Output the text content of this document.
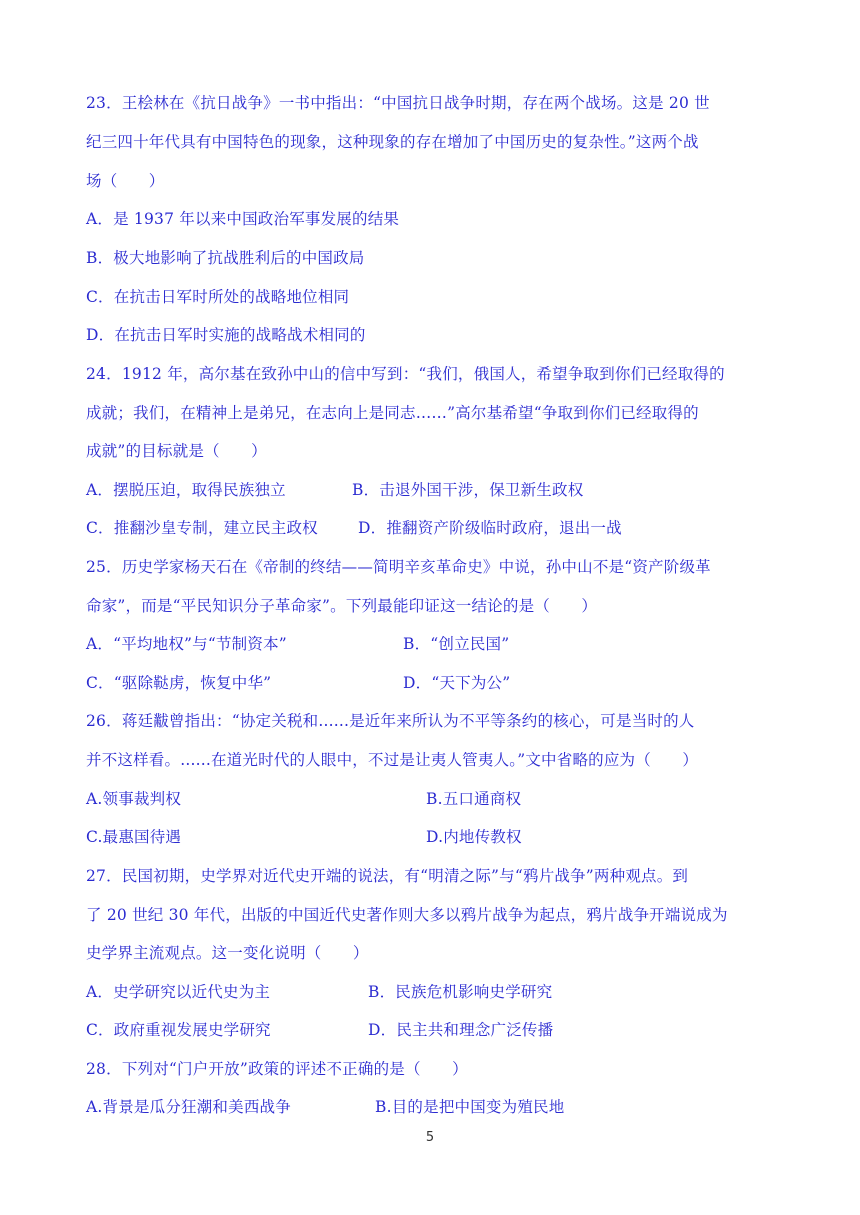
23．王桧林在《抗日战争》一书中指出：“中国抗日战争时期，存在两个战场。这是 20 世
纪三四十年代具有中国特色的现象，这种现象的存在增加了中国历史的复杂性。”这两个战
场（　　）
A．是 1937 年以来中国政治军事发展的结果
B．极大地影响了抗战胜利后的中国政局
C．在抗击日军时所处的战略地位相同
D．在抗击日军时实施的战略战术相同的
24．1912 年，高尔基在致孙中山的信中写到：“我们，俄国人，希望争取到你们已经取得的
成就；我们，在精神上是弟兄，在志向上是同志……”高尔基希望“争取到你们已经取得的
成就”的目标就是（　　）
A．摆脱压迫，取得民族独立	B．击退外国干涉，保卫新生政权
C．推翻沙皇专制，建立民主政权	D．推翻资产阶级临时政府，退出一战
25．历史学家杨天石在《帝制的终结——简明辛亥革命史》中说，孙中山不是“资产阶级革
命家”，而是“平民知识分子革命家”。下列最能印证这一结论的是（　　）
A．“平均地权”与“节制资本”	B．“创立民国”
C．“驱除鞑虏，恢复中华”	D．“天下为公”
26．蒋廷黻曾指出：“协定关税和......是近年来所认为不平等条约的核心，可是当时的人
并不这样看。......在道光时代的人眼中，不过是让夷人管夷人。”文中省略的应为（　　）
A.领事裁判权	B.五口通商权
C.最惠国待遇	D.内地传教权
27．民国初期，史学界对近代史开端的说法，有“明清之际”与“鸦片战争”两种观点。到
了 20 世纪 30 年代，出版的中国近代史著作则大多以鸦片战争为起点，鸦片战争开端说成为
史学界主流观点。这一变化说明（　　）
A．史学研究以近代史为主	B．民族危机影响史学研究
C．政府重视发展史学研究	D．民主共和理念广泛传播
28．下列对“门户开放”政策的评述不正确的是（　　）
A.背景是瓜分狂潮和美西战争	B.目的是把中国变为殖民地
5
